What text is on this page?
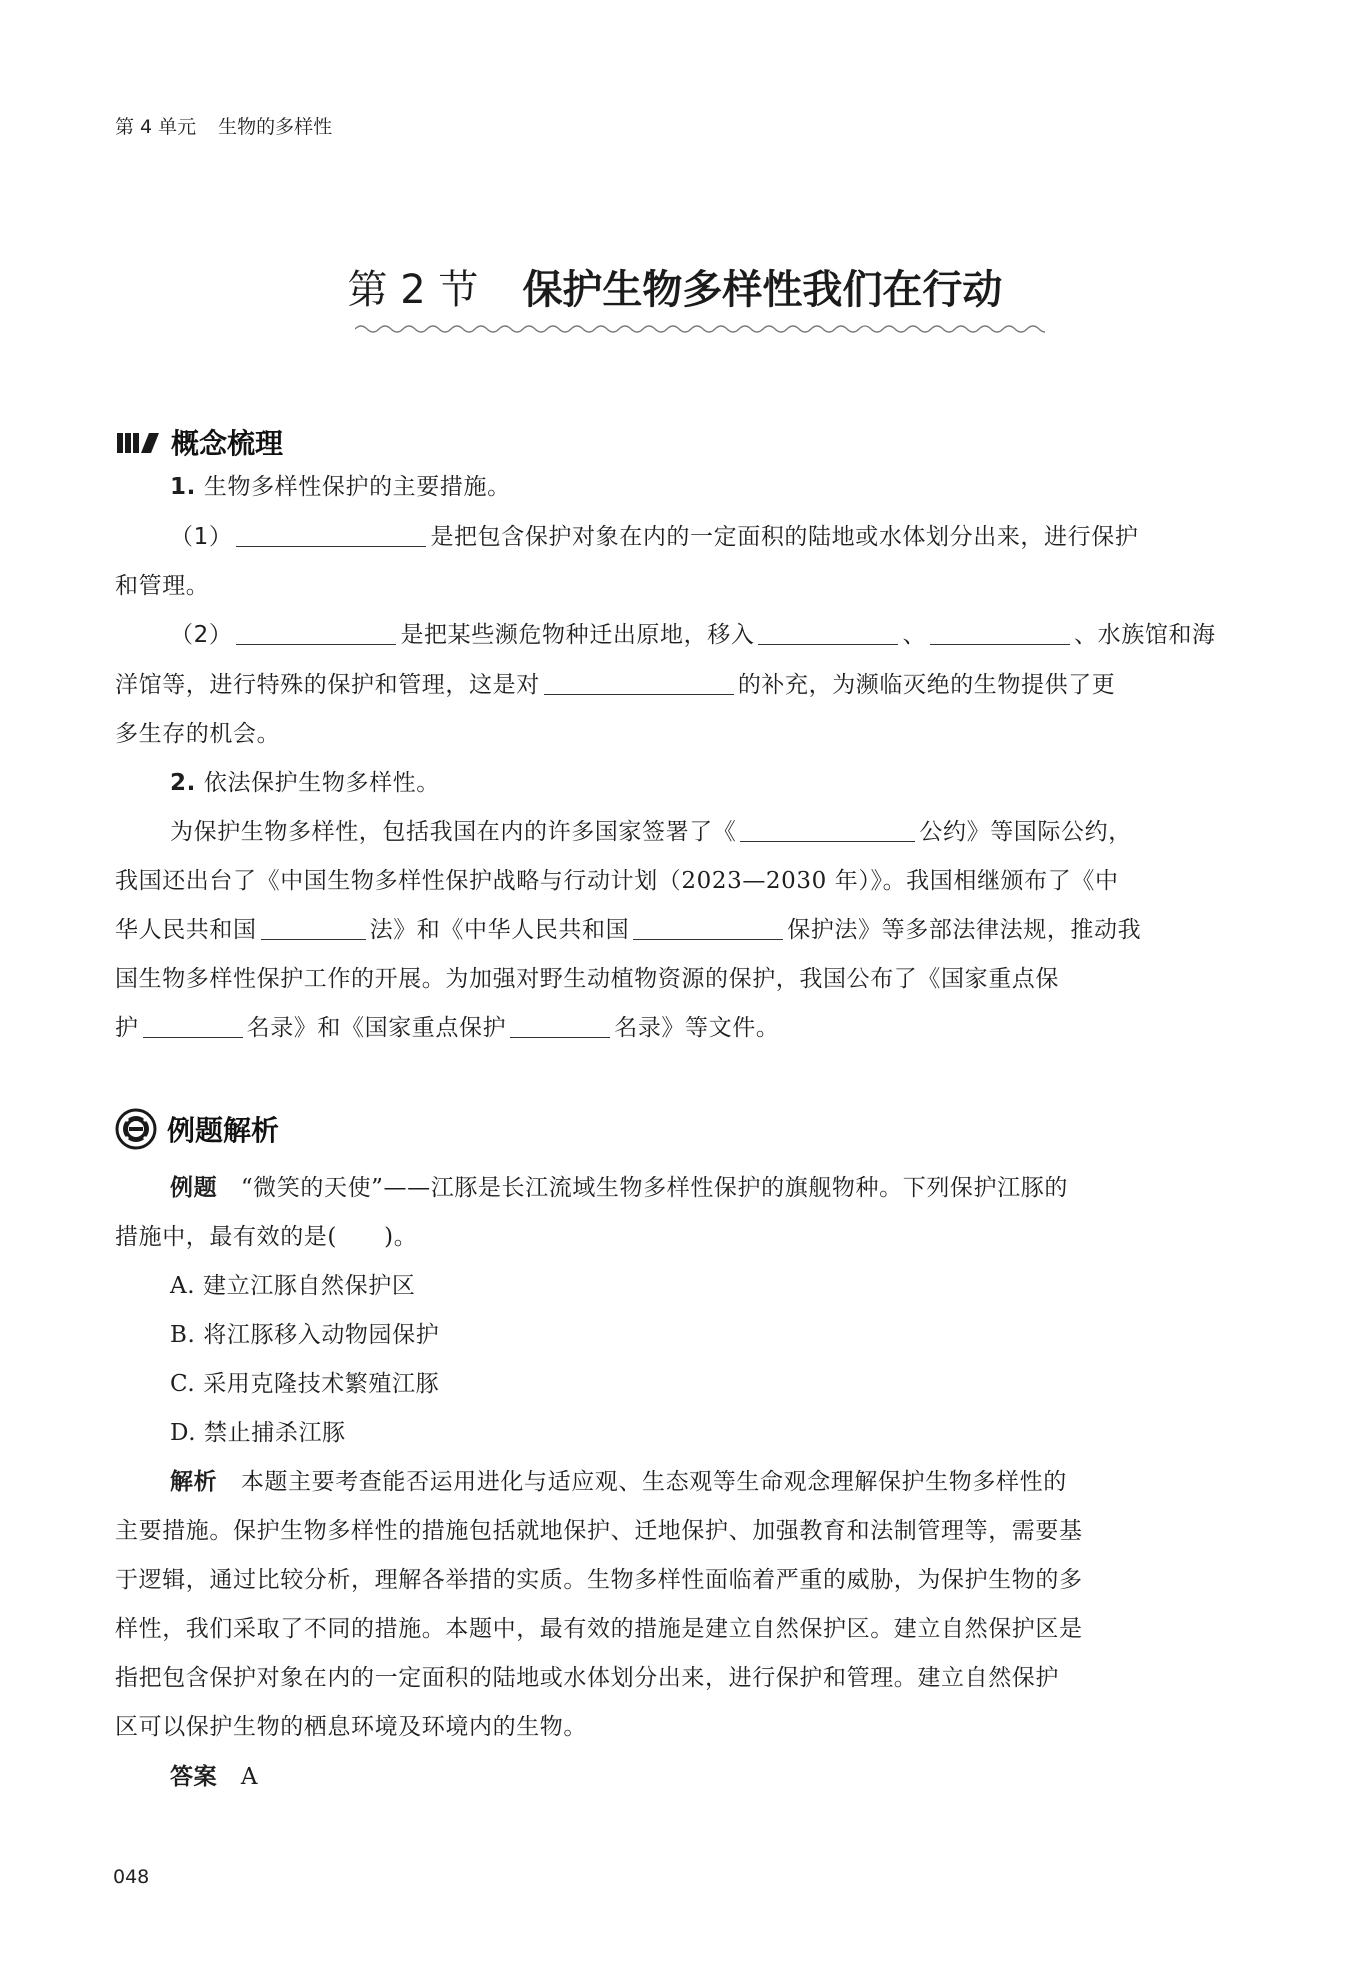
第 4 单元 生物的多样性
第 2 节 保护生物多样性我们在行动
概念梳理
1. 生物多样性保护的主要措施。
（1）	是把包含保护对象在内的一定面积的陆地或水体划分出来，进行保护
和管理。
（2）	是把某些濒危物种迁出原地，移入	、	、水族馆和海
洋馆等，进行特殊的保护和管理，这是对	的补充，为濒临灭绝的生物提供了更
多生存的机会。
2. 依法保护生物多样性。
为保护生物多样性，包括我国在内的许多国家签署了《	公约》等国际公约，
我国还出台了《中国生物多样性保护战略与行动计划（2023—2030 年）》。我国相继颁布了《中
华人民共和国	法》和《中华人民共和国	保护法》等多部法律法规，推动我
国生物多样性保护工作的开展。为加强对野生动植物资源的保护，我国公布了《国家重点保
护	名录》和《国家重点保护	名录》等文件。
例题解析
例题　 “微笑的天使”——江豚是长江流域生物多样性保护的旗舰物种。下列保护江豚的
措施中，最有效的是(　　)。
A. 建立江豚自然保护区
B. 将江豚移入动物园保护
C. 采用克隆技术繁殖江豚
D. 禁止捕杀江豚
解析　 本题主要考查能否运用进化与适应观、生态观等生命观念理解保护生物多样性的
主要措施。保护生物多样性的措施包括就地保护、迁地保护、加强教育和法制管理等，需要基
于逻辑，通过比较分析，理解各举措的实质。生物多样性面临着严重的威胁，为保护生物的多
样性，我们采取了不同的措施。本题中，最有效的措施是建立自然保护区。建立自然保护区是
指把包含保护对象在内的一定面积的陆地或水体划分出来，进行保护和管理。建立自然保护
区可以保护生物的栖息环境及环境内的生物。
答案　 A
048
